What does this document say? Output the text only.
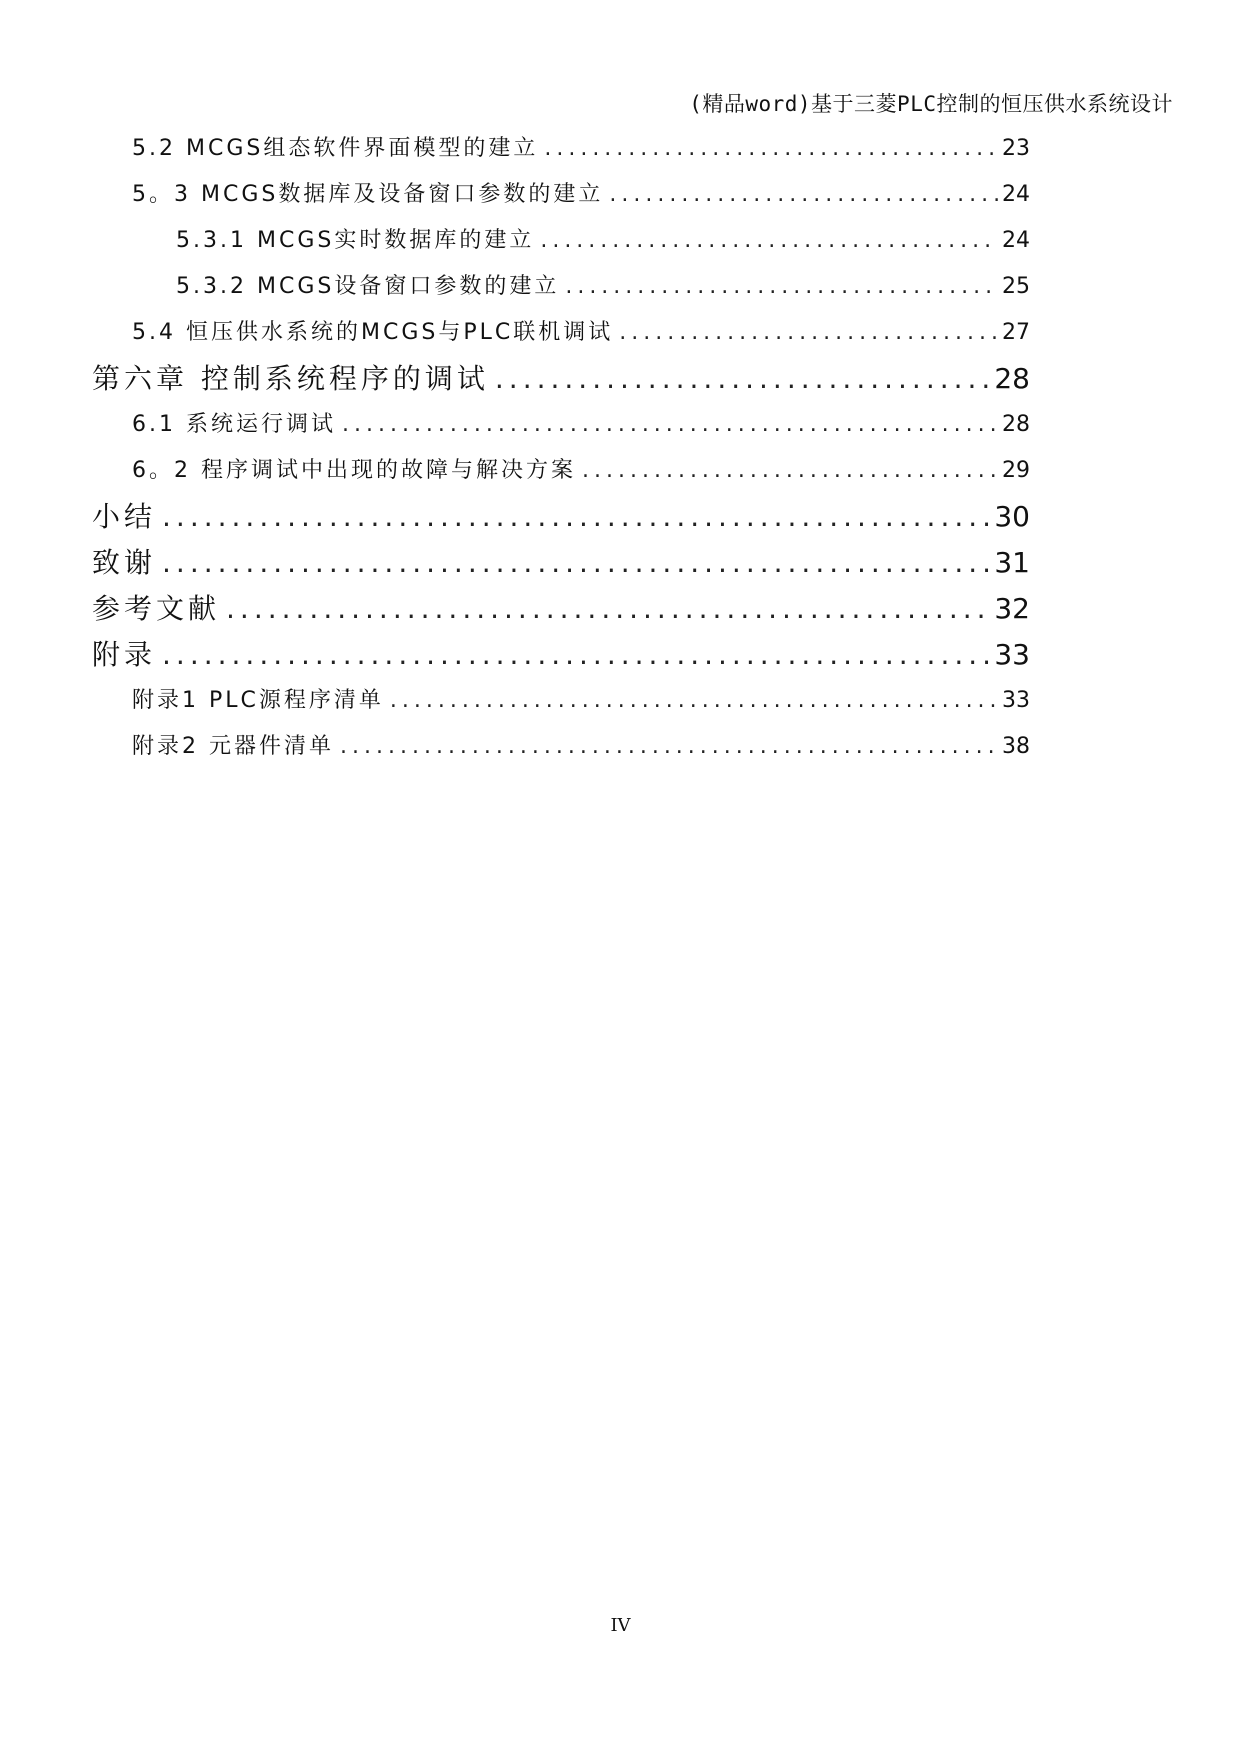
(精品word)基于三菱PLC控制的恒压供水系统设计
5.2 MCGS组态软件界面模型的建立 .....	23
5。3 MCGS数据库及设备窗口参数的建立 .....	24
5.3.1 MCGS实时数据库的建立 .....	24
5.3.2 MCGS设备窗口参数的建立 .....	25
5.4 恒压供水系统的MCGS与PLC联机调试 .....	27
第六章 控制系统程序的调试 .....	28
6.1 系统运行调试 .....	28
6。2 程序调试中出现的故障与解决方案 .....	29
小结 .....	30
致谢 .....	31
参考文献 .....	32
附录 .....	33
附录1 PLC源程序清单 .....	33
附录2 元器件清单 .....	38
IV
